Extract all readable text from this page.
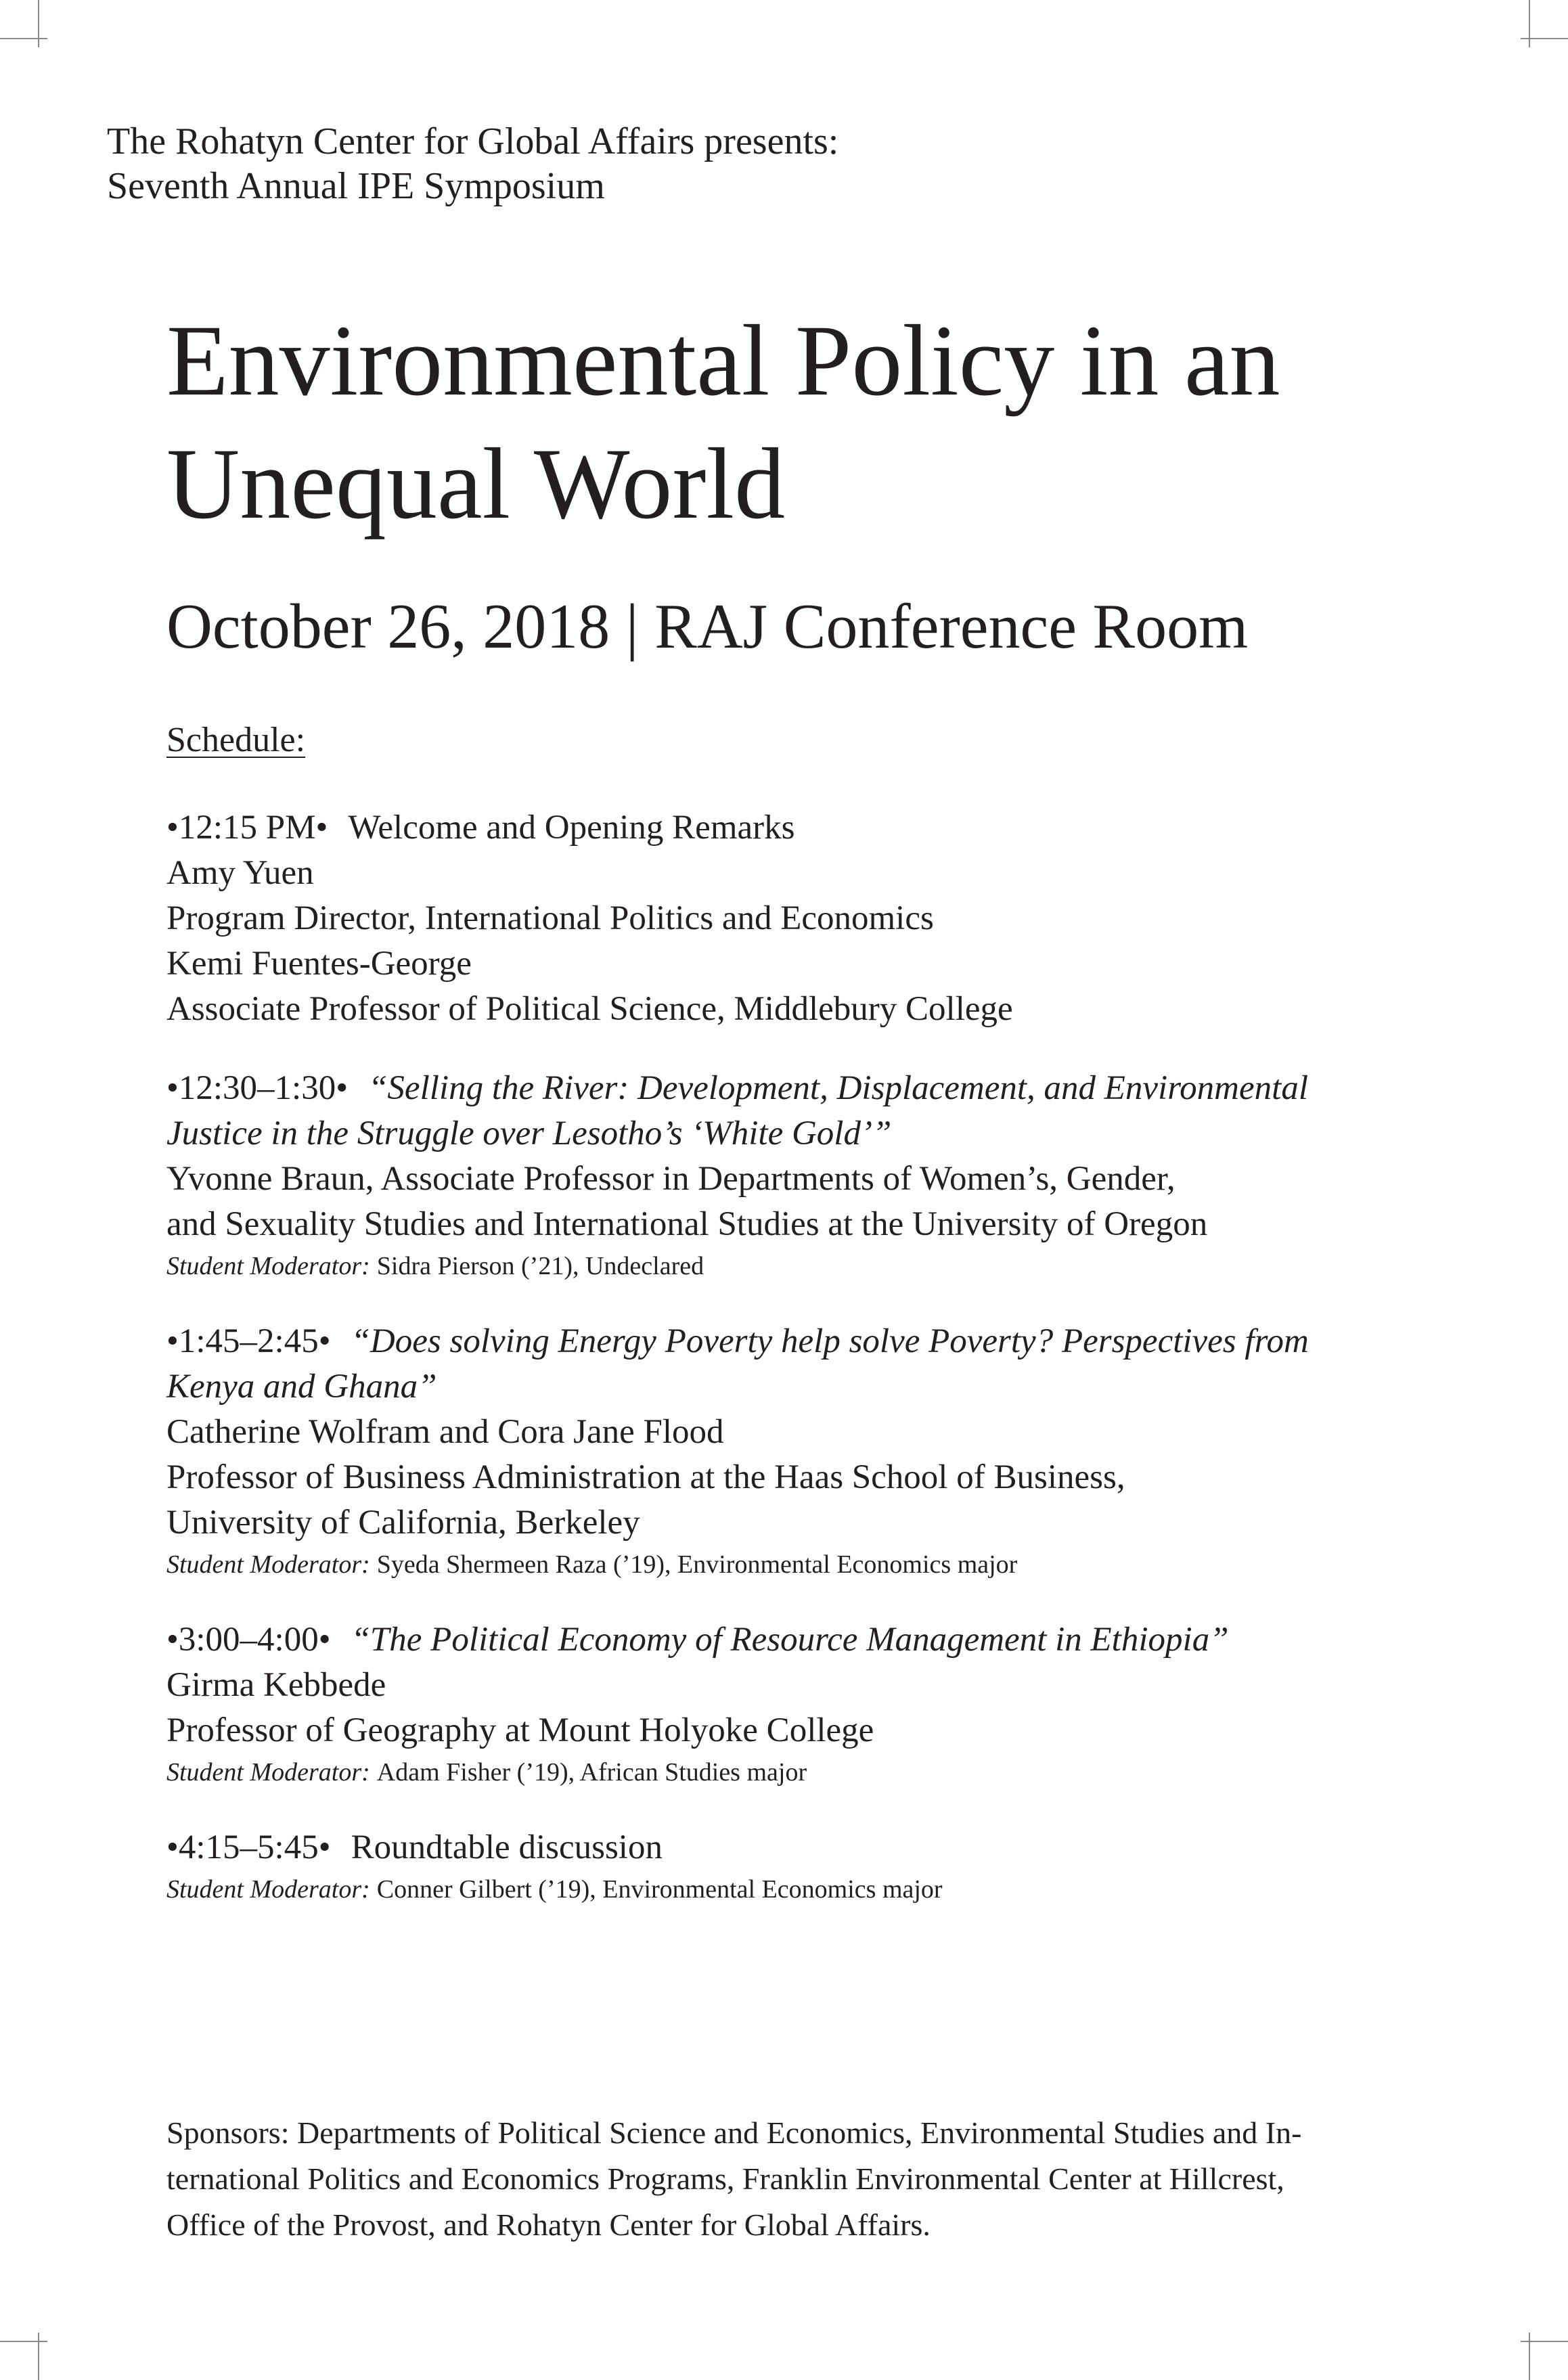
The Rohatyn Center for Global Affairs presents:
Seventh Annual IPE Symposium
Environmental Policy in an
Unequal World
October 26, 2018 | RAJ Conference Room
Schedule:
•12:15 PM• Welcome and Opening Remarks
Amy Yuen
Program Director, International Politics and Economics
Kemi Fuentes-George
Associate Professor of Political Science, Middlebury College
•12:30–1:30• “Selling the River: Development, Displacement, and Environmental
Justice in the Struggle over Lesotho’s ‘White Gold’”
Yvonne Braun, Associate Professor in Departments of Women’s, Gender,
and Sexuality Studies and International Studies at the University of Oregon
Student Moderator: Sidra Pierson (’21), Undeclared
•1:45–2:45• “Does solving Energy Poverty help solve Poverty? Perspectives from
Kenya and Ghana”
Catherine Wolfram and Cora Jane Flood
Professor of Business Administration at the Haas School of Business,
University of California, Berkeley
Student Moderator: Syeda Shermeen Raza (’19), Environmental Economics major
•3:00–4:00• “The Political Economy of Resource Management in Ethiopia”
Girma Kebbede
Professor of Geography at Mount Holyoke College
Student Moderator: Adam Fisher (’19), African Studies major
•4:15–5:45• Roundtable discussion
Student Moderator: Conner Gilbert (’19), Environmental Economics major
Sponsors: Departments of Political Science and Economics, Environmental Studies and In-
ternational Politics and Economics Programs, Franklin Environmental Center at Hillcrest,
Office of the Provost, and Rohatyn Center for Global Affairs.
